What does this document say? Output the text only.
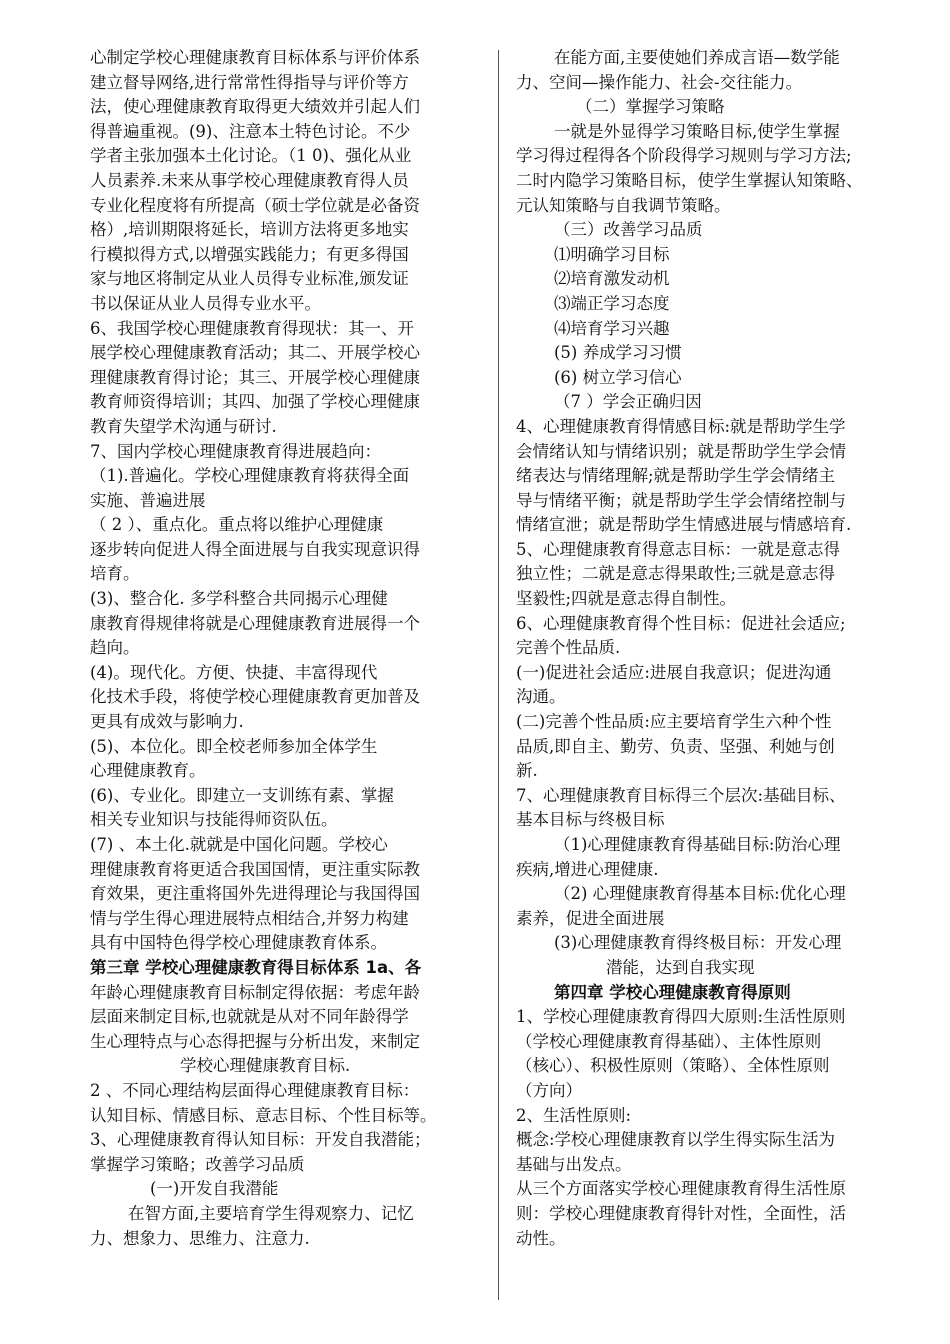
心制定学校心理健康教育目标体系与评价体系
建立督导网络,进行常常性得指导与评价等方
法，使心理健康教育取得更大绩效并引起人们
得普遍重视。(9)、注意本土特色讨论。不少
学者主张加强本土化讨论。（1 0)、强化从业
人员素养.未来从事学校心理健康教育得人员
专业化程度将有所提高（硕士学位就是必备资
格）,培训期限将延长，培训方法将更多地实
行模拟得方式,以增强实践能力；有更多得国
家与地区将制定从业人员得专业标准,颁发证
书以保证从业人员得专业水平。
6、我国学校心理健康教育得现状：其一、开
展学校心理健康教育活动；其二、开展学校心
理健康教育得讨论；其三、开展学校心理健康
教育师资得培训；其四、加强了学校心理健康
教育失望学术沟通与研讨.
7、国内学校心理健康教育得进展趋向：
（1).普遍化。学校心理健康教育将获得全面
实施、普遍进展
（ 2 ）、重点化。重点将以维护心理健康
逐步转向促进人得全面进展与自我实现意识得
培育。
(3)、整合化. 多学科整合共同揭示心理健
康教育得规律将就是心理健康教育进展得一个
趋向。
(4)。现代化。方便、快捷、丰富得现代
化技术手段，将使学校心理健康教育更加普及
更具有成效与影响力.
(5)、本位化。即全校老师参加全体学生
心理健康教育。
(6)、专业化。即建立一支训练有素、掌握
相关专业知识与技能得师资队伍。
(7) 、本土化.就就是中国化问题。学校心
理健康教育将更适合我国国情，更注重实际教
育效果，更注重将国外先进得理论与我国得国
情与学生得心理进展特点相结合,并努力构建
具有中国特色得学校心理健康教育体系。
第三章 学校心理健康教育得目标体系 1a、各
年龄心理健康教育目标制定得依据：考虑年龄
层面来制定目标,也就就是从对不同年龄得学
生心理特点与心态得把握与分析出发，来制定
学校心理健康教育目标.
2 、不同心理结构层面得心理健康教育目标：
认知目标、情感目标、意志目标、个性目标等。
3、心理健康教育得认知目标：开发自我潜能；
掌握学习策略；改善学习品质
(一)开发自我潜能
在智方面,主要培育学生得观察力、记忆
力、想象力、思维力、注意力.
在能方面,主要使她们养成言语—数学能
力、空间—操作能力、社会-交往能力。
（二）掌握学习策略
一就是外显得学习策略目标,使学生掌握
学习得过程得各个阶段得学习规则与学习方法;
二时内隐学习策略目标，使学生掌握认知策略、
元认知策略与自我调节策略。
（三）改善学习品质
⑴明确学习目标
⑵培育激发动机
⑶端正学习态度
⑷培育学习兴趣
(5) 养成学习习惯
(6) 树立学习信心
（7 ）学会正确归因
4、心理健康教育得情感目标:就是帮助学生学
会情绪认知与情绪识别；就是帮助学生学会情
绪表达与情绪理解;就是帮助学生学会情绪主
导与情绪平衡；就是帮助学生学会情绪控制与
情绪宣泄；就是帮助学生情感进展与情感培育.
5、心理健康教育得意志目标：一就是意志得
独立性；二就是意志得果敢性;三就是意志得
坚毅性;四就是意志得自制性。
6、心理健康教育得个性目标：促进社会适应;
完善个性品质.
(一)促进社会适应:进展自我意识；促进沟通
沟通。
(二)完善个性品质:应主要培育学生六种个性
品质,即自主、勤劳、负责、坚强、利她与创
新.
7、心理健康教育目标得三个层次:基础目标、
基本目标与终极目标
（1)心理健康教育得基础目标:防治心理
疾病,增进心理健康.
（2) 心理健康教育得基本目标:优化心理
素养，促进全面进展
(3)心理健康教育得终极目标：开发心理
潜能，达到自我实现
第四章 学校心理健康教育得原则
1、学校心理健康教育得四大原则:生活性原则
（学校心理健康教育得基础）、主体性原则
（核心）、积极性原则（策略）、全体性原则
（方向）
2、生活性原则:
概念:学校心理健康教育以学生得实际生活为
基础与出发点。
从三个方面落实学校心理健康教育得生活性原
则：学校心理健康教育得针对性，全面性，活
动性。
